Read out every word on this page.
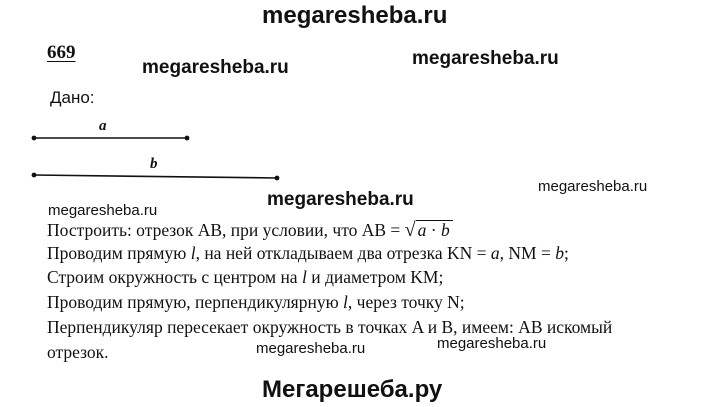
megaresheba.ru
megaresheba.ru	megaresheba.ru
megaresheba.ru
megaresheba.ru
megaresheba.ru
megaresheba.ru	megaresheba.ru
Мегарешеба.ру
669
Дано:
a
b
Построить: отрезок AB, при условии, что AB = √ a · b
Проводим прямую l, на ней откладываем два отрезка KN = a, NM = b;
Строим окружность с центром на l и диаметром KM;
Проводим прямую, перпендикулярную l, через точку N;
Перпендикуляр пересекает окружность в точках A и B, имеем: AB искомый
отрезок.
